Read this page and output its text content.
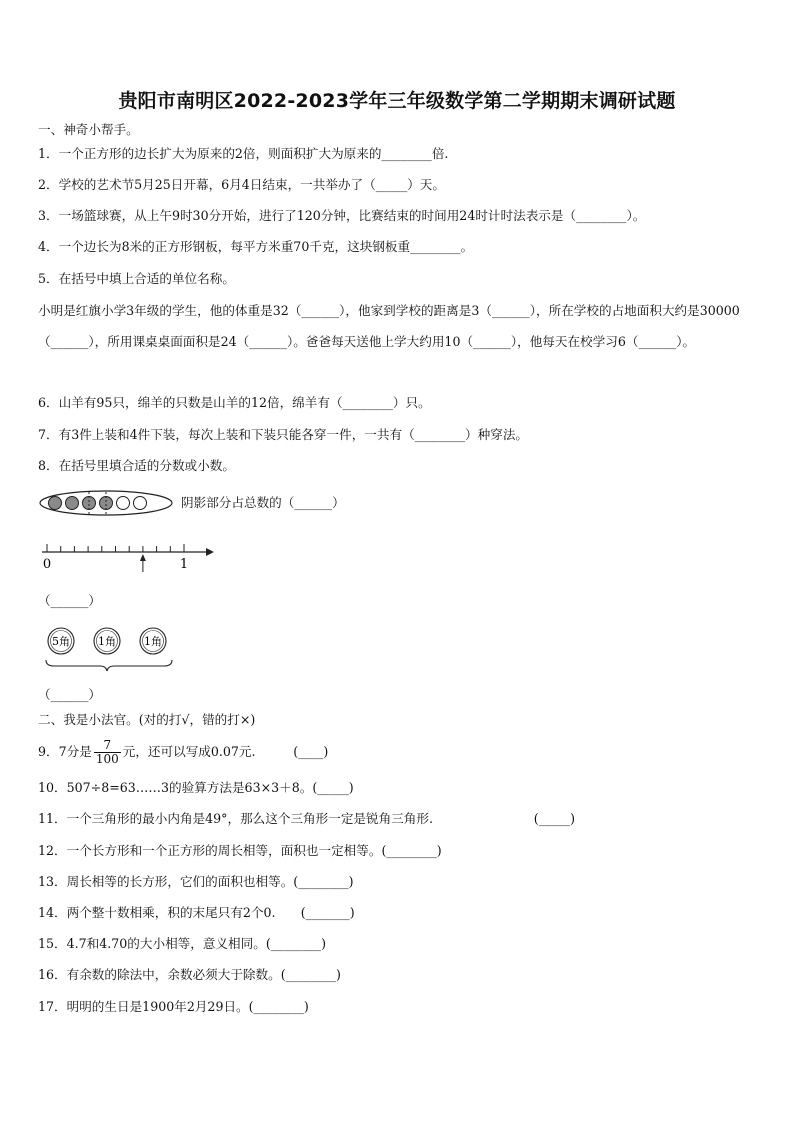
贵阳市南明区2022-2023学年三年级数学第二学期期末调研试题
一、神奇小帮手。
1．一个正方形的边长扩大为原来的2倍，则面积扩大为原来的________倍.
2．学校的艺术节5月25日开幕，6月4日结束，一共举办了（_____）天。
3．一场篮球赛，从上午9时30分开始，进行了120分钟，比赛结束的时间用24时计时法表示是（________）。
4．一个边长为8米的正方形钢板，每平方米重70千克，这块钢板重________。
5．在括号中填上合适的单位名称。
小明是红旗小学3年级的学生，他的体重是32（______），他家到学校的距离是3（______），所在学校的占地面积大约是30000（______），所用课桌桌面面积是24（______）。爸爸每天送他上学大约用10（______），他每天在校学习6（______）。
6．山羊有95只，绵羊的只数是山羊的12倍，绵羊有（________）只。
7．有3件上装和4件下装，每次上装和下装只能各穿一件，一共有（________）种穿法。
8．在括号里填合适的分数或小数。
阴影部分占总数的（______）
0	1
（______）
5角	1角	1角
（______）
二、我是小法官。(对的打√，错的打×)
9．7分是 $\frac{7}{100}$ 元，还可以写成0.07元.　　　(____)
10．507÷8=63……3的验算方法是63×3＋8。(_____)
11．一个三角形的最小内角是49°，那么这个三角形一定是锐角三角形.　　　　　　　　(_____)
12．一个长方形和一个正方形的周长相等，面积也一定相等。(________)
13．周长相等的长方形，它们的面积也相等。(________)
14．两个整十数相乘，积的末尾只有2个0.　　(_______)
15．4.7和4.70的大小相等，意义相同。(________)
16．有余数的除法中，余数必须大于除数。(________)
17．明明的生日是1900年2月29日。(________)
